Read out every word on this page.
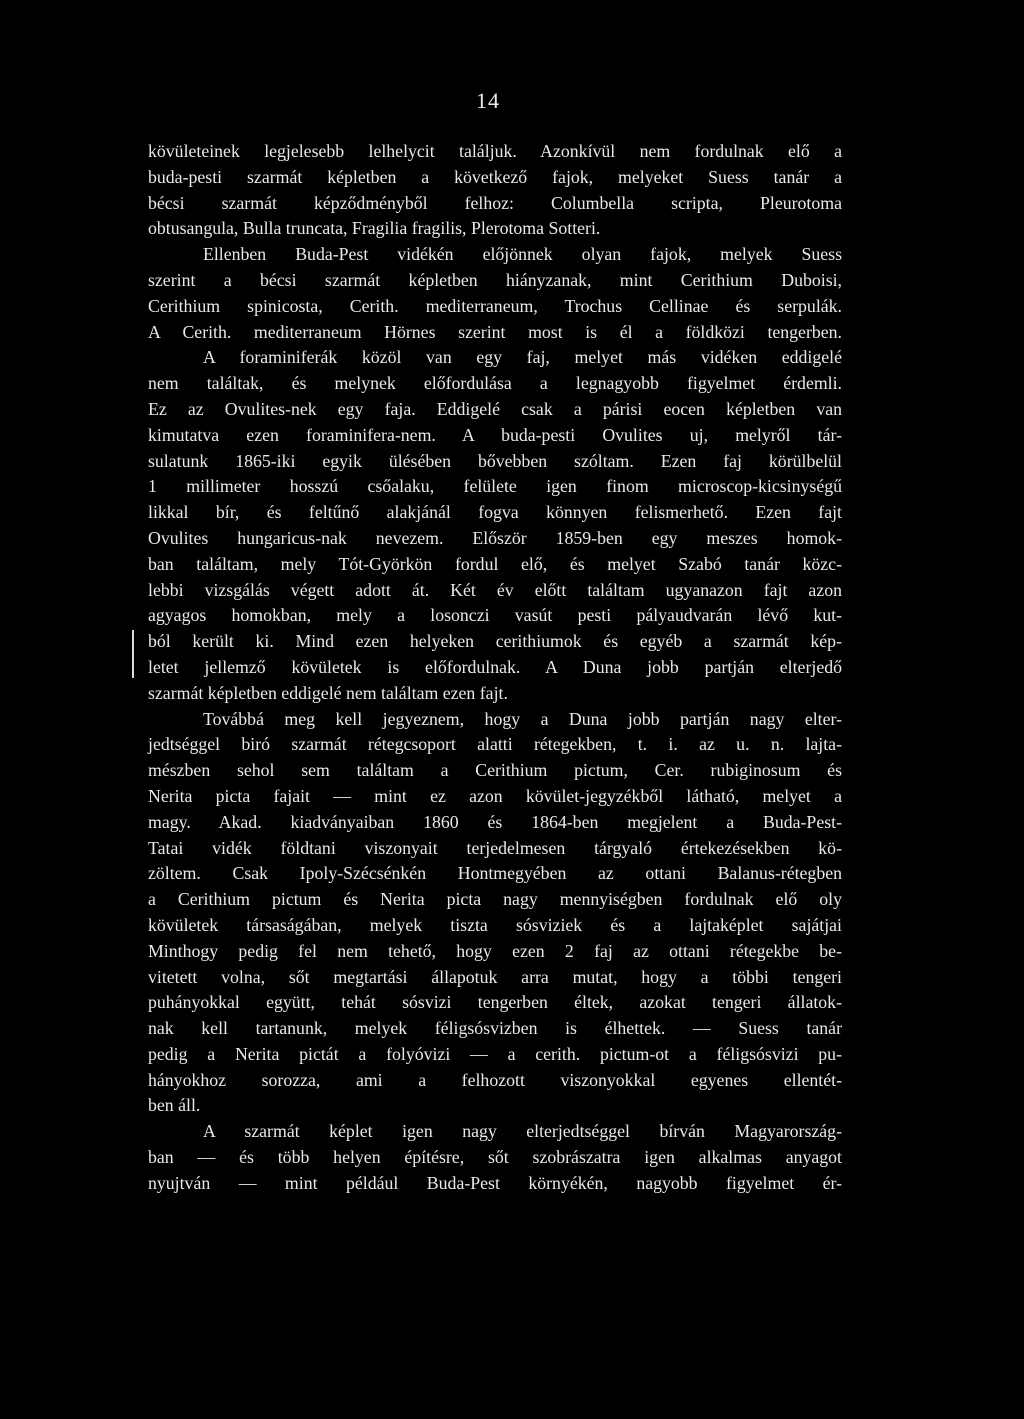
14
kövületeinek legjelesebb lelhelycit találjuk. Azonkívül nem fordulnak elő a
buda-pesti szarmát képletben a következő fajok, melyeket Suess tanár a
bécsi szarmát képződményből felhoz: Columbella scripta, Pleurotoma
obtusangula, Bulla truncata, Fragilia fragilis, Plerotoma Sotteri.
Ellenben Buda-Pest vidékén előjönnek olyan fajok, melyek Suess
szerint a bécsi szarmát képletben hiányzanak, mint Cerithium Duboisi,
Cerithium spinicosta, Cerith. mediterraneum, Trochus Cellinae és serpulák.
A Cerith. mediterraneum Hörnes szerint most is él a földközi tengerben.
A foraminiferák közöl van egy faj, melyet más vidéken eddigelé
nem találtak, és melynek előfordulása a legnagyobb figyelmet érdemli.
Ez az Ovulites-nek egy faja. Eddigelé csak a párisi eocen képletben van
kimutatva ezen foraminifera-nem. A buda-pesti Ovulites uj, melyről tár-
sulatunk 1865-iki egyik ülésében bővebben szóltam. Ezen faj körülbelül
1 millimeter hosszú csőalaku, felülete igen finom microscop-kicsinységű
likkal bír, és feltűnő alakjánál fogva könnyen felismerhető. Ezen fajt
Ovulites hungaricus-nak nevezem. Először 1859-ben egy meszes homok-
ban találtam, mely Tót-Györkön fordul elő, és melyet Szabó tanár közc-
lebbi vizsgálás végett adott át. Két év előtt találtam ugyanazon fajt azon
agyagos homokban, mely a losonczi vasút pesti pályaudvarán lévő kut-
ból került ki. Mind ezen helyeken cerithiumok és egyéb a szarmát kép-
letet jellemző kövületek is előfordulnak. A Duna jobb partján elterjedő
szarmát képletben eddigelé nem találtam ezen fajt.
Továbbá meg kell jegyeznem, hogy a Duna jobb partján nagy elter-
jedtséggel biró szarmát rétegcsoport alatti rétegekben, t. i. az u. n. lajta-
mészben sehol sem találtam a Cerithium pictum, Cer. rubiginosum és
Nerita picta fajait — mint ez azon kövület-jegyzékből látható, melyet a
magy. Akad. kiadványaiban 1860 és 1864-ben megjelent a Buda-Pest-
Tatai vidék földtani viszonyait terjedelmesen tárgyaló értekezésekben kö-
zöltem. Csak Ipoly-Szécsénkén Hontmegyében az ottani Balanus-rétegben
a Cerithium pictum és Nerita picta nagy mennyiségben fordulnak elő oly
kövületek társaságában, melyek tiszta sósviziek és a lajtaképlet sajátjai
Minthogy pedig fel nem tehető, hogy ezen 2 faj az ottani rétegekbe be-
vitetett volna, sőt megtartási állapotuk arra mutat, hogy a többi tengeri
puhányokkal együtt, tehát sósvizi tengerben éltek, azokat tengeri állatok-
nak kell tartanunk, melyek féligsósvizben is élhettek. — Suess tanár
pedig a Nerita pictát a folyóvizi — a cerith. pictum-ot a féligsósvizi pu-
hányokhoz sorozza, ami a felhozott viszonyokkal egyenes ellentét-
ben áll.
A szarmát képlet igen nagy elterjedtséggel bírván Magyarország-
ban — és több helyen építésre, sőt szobrászatra igen alkalmas anyagot
nyujtván — mint például Buda-Pest környékén, nagyobb figyelmet ér-
